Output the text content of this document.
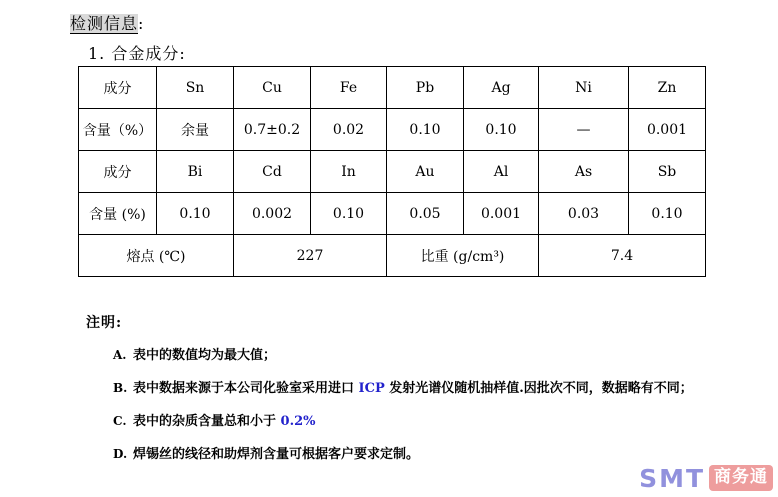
检测信息:
1. 合金成分:
成分	Sn	Cu	Fe	Pb	Ag	Ni	Zn
含量（%）	余量	0.7±0.2	0.02	0.10	0.10	—	0.001
成分	Bi	Cd	In	Au	Al	As	Sb
含量 (%)	0.10	0.002	0.10	0.05	0.001	0.03	0.10
熔点 (℃)		227		比重 (g/cm³)		7.4	

注明:

A. 表中的数值均为最大值；

B. 表中数据来源于本公司化验室采用进口 ICP 发射光谱仪随机抽样值.因批次不同，数据略有不同；

C. 表中的杂质含量总和小于 0.2%

D. 焊锡丝的线径和助焊剂含量可根据客户要求定制。

SMT 商务通
